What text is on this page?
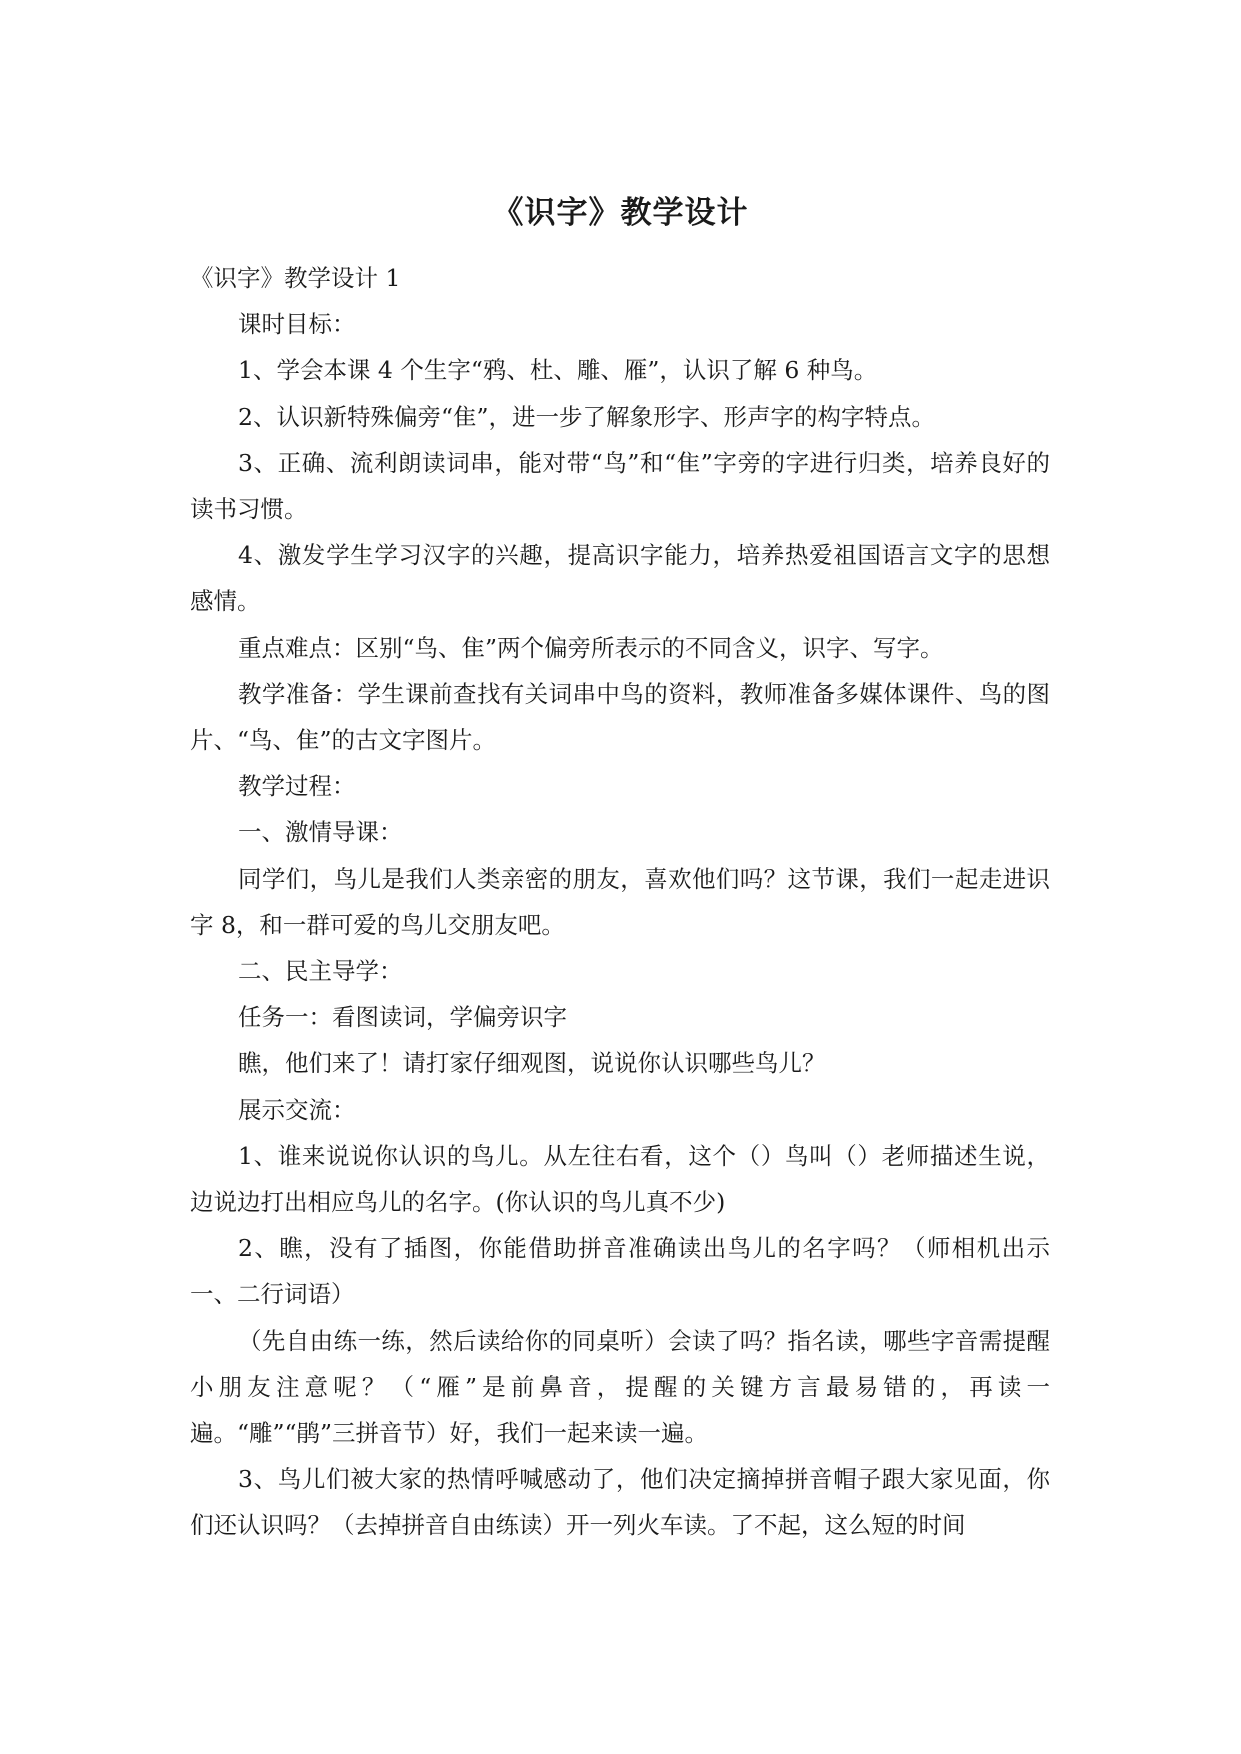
《识字》教学设计

《识字》教学设计 1

课时目标：

1、学会本课 4 个生字“鸦、杜、雕、雁”，认识了解 6 种鸟。

2、认识新特殊偏旁“隹”，进一步了解象形字、形声字的构字特点。

3、正确、流利朗读词串，能对带“鸟”和“隹”字旁的字进行归类，培养良好的读书习惯。

4、激发学生学习汉字的兴趣，提高识字能力，培养热爱祖国语言文字的思想感情。

重点难点：区别“鸟、隹”两个偏旁所表示的不同含义，识字、写字。

教学准备：学生课前查找有关词串中鸟的资料，教师准备多媒体课件、鸟的图片、“鸟、隹”的古文字图片。

教学过程：

一、激情导课：

同学们，鸟儿是我们人类亲密的朋友，喜欢他们吗？这节课，我们一起走进识字 8，和一群可爱的鸟儿交朋友吧。

二、民主导学：

任务一：看图读词，学偏旁识字

瞧，他们来了！请打家仔细观图，说说你认识哪些鸟儿？

展示交流：

1、谁来说说你认识的鸟儿。从左往右看，这个（）鸟叫（）老师描述生说，边说边打出相应鸟儿的名字。(你认识的鸟儿真不少)

2、瞧，没有了插图，你能借助拼音准确读出鸟儿的名字吗？（师相机出示一、二行词语）

（先自由练一练，然后读给你的同桌听）会读了吗？指名读，哪些字音需提醒小朋友注意呢？（“雁”是前鼻音，提醒的关键方言最易错的，再读一遍。“雕”“鹃”三拼音节）好，我们一起来读一遍。

3、鸟儿们被大家的热情呼喊感动了，他们决定摘掉拼音帽子跟大家见面，你们还认识吗？（去掉拼音自由练读）开一列火车读。了不起，这么短的时间
